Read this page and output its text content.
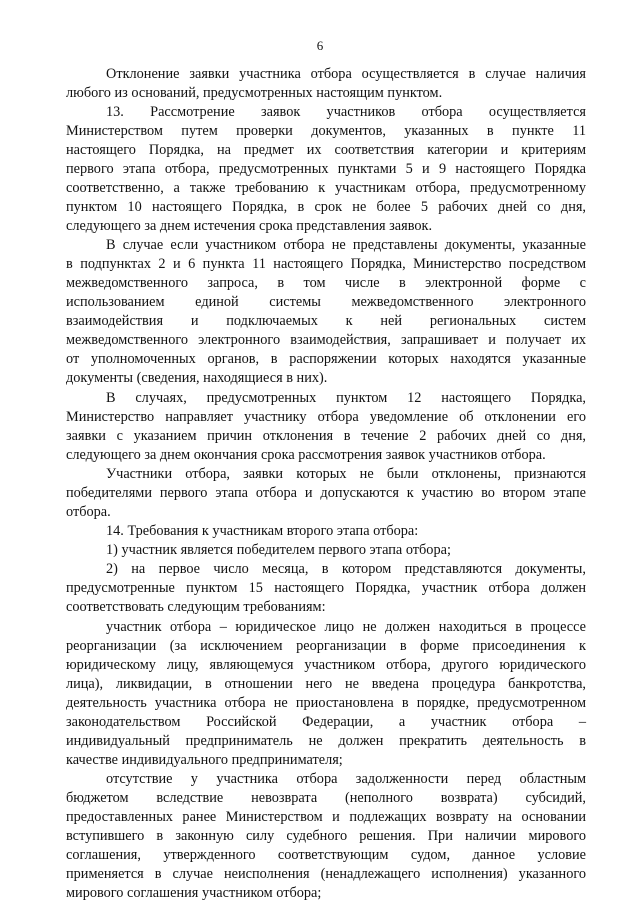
6
Отклонение заявки участника отбора осуществляется в случае наличия
любого из оснований, предусмотренных настоящим пунктом.
13. Рассмотрение заявок участников отбора осуществляется
Министерством путем проверки документов, указанных в пункте 11
настоящего Порядка, на предмет их соответствия категории и критериям
первого этапа отбора, предусмотренных пунктами 5 и 9 настоящего Порядка
соответственно, а также требованию к участникам отбора, предусмотренному
пунктом 10 настоящего Порядка, в срок не более 5 рабочих дней со дня,
следующего за днем истечения срока представления заявок.
В случае если участником отбора не представлены документы, указанные
в подпунктах 2 и 6 пункта 11 настоящего Порядка, Министерство посредством
межведомственного запроса, в том числе в электронной форме с
использованием единой системы межведомственного электронного
взаимодействия и подключаемых к ней региональных систем
межведомственного электронного взаимодействия, запрашивает и получает их
от уполномоченных органов, в распоряжении которых находятся указанные
документы (сведения, находящиеся в них).
В случаях, предусмотренных пунктом 12 настоящего Порядка,
Министерство направляет участнику отбора уведомление об отклонении его
заявки с указанием причин отклонения в течение 2 рабочих дней со дня,
следующего за днем окончания срока рассмотрения заявок участников отбора.
Участники отбора, заявки которых не были отклонены, признаются
победителями первого этапа отбора и допускаются к участию во втором этапе
отбора.
14. Требования к участникам второго этапа отбора:
1) участник является победителем первого этапа отбора;
2) на первое число месяца, в котором представляются документы,
предусмотренные пунктом 15 настоящего Порядка, участник отбора должен
соответствовать следующим требованиям:
участник отбора – юридическое лицо не должен находиться в процессе
реорганизации (за исключением реорганизации в форме присоединения к
юридическому лицу, являющемуся участником отбора, другого юридического
лица), ликвидации, в отношении него не введена процедура банкротства,
деятельность участника отбора не приостановлена в порядке, предусмотренном
законодательством Российской Федерации, а участник отбора –
индивидуальный предприниматель не должен прекратить деятельность в
качестве индивидуального предпринимателя;
отсутствие у участника отбора задолженности перед областным
бюджетом вследствие невозврата (неполного возврата) субсидий,
предоставленных ранее Министерством и подлежащих возврату на основании
вступившего в законную силу судебного решения. При наличии мирового
соглашения, утвержденного соответствующим судом, данное условие
применяется в случае неисполнения (ненадлежащего исполнения) указанного
мирового соглашения участником отбора;
